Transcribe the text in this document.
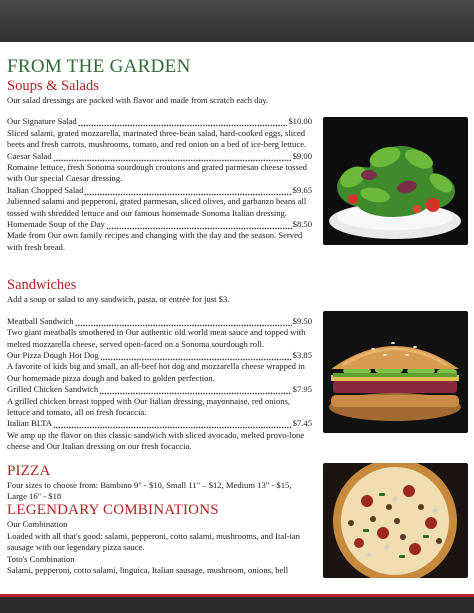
FROM THE GARDEN
Soups & Salads

Our salad dressings are packed with flavor and made from scratch each day.

Our Signature Salad	$10.00

Sliced salami, grated mozzarella, marinated three-bean salad, hard-cooked eggs, sliced beets and fresh carrots, mushrooms, tomato, and red onion on a bed of ice-berg lettuce.

Caesar Salad	$9.00

Romaine lettuce, fresh Sonoma sourdough croutons and grated parmesan cheese tossed with Our special Caesar dressing.

Italian Chopped Salad	$9.65

Julienned salami and pepperoni, grated parmesan, sliced olives, and garbanzo beans all tossed with shredded lettuce and our famous homemade Sonoma Italian dressing.

Homemade Soup of the Day	$8.50

Made from Our own family recipes and changing with the day and the season. Served with fresh bread.

Sandwiches

Add a soup or salad to any sandwich, pasta, or entrée for just $3.

Meatball Sandwich	$9.50

Two giant meatballs smothered in Our authentic old world meat sauce and topped with melted mozzarella cheese, served open-faced on a Sonoma sourdough roll.

Our Pizza Dough Hot Dog	$3.85

A favorite of kids big and small, an all-beef hot dog and mozzarella cheese wrapped in Our homemade pizza dough and baked to golden perfection.

Grilled Chicken Sandwich	$7.95

A grilled chicken breast topped with Our Italian dressing, mayonnaise, red onions, lettuce and tomato, all on fresh focaccia.

Italian BLTA	$7.45

We amp up the flavor on this classic sandwich with sliced avocado, melted provo-lone cheese and Our Italian dressing on our fresh focaccia.

PIZZA

Four sizes to choose from: Bambino 9" - $10, Small 11" – $12, Medium 13" - $15, Large 16" - $18

LEGENDARY COMBINATIONS

Our Combination

Loaded with all that's good: salami, pepperoni, cotto salami, mushrooms, and Ital-ian sausage with our legendary pizza sauce.

Toto's Combination

Salami, pepperoni, cotto salami, linguica, Italian sausage, mushroom, onions, bell
